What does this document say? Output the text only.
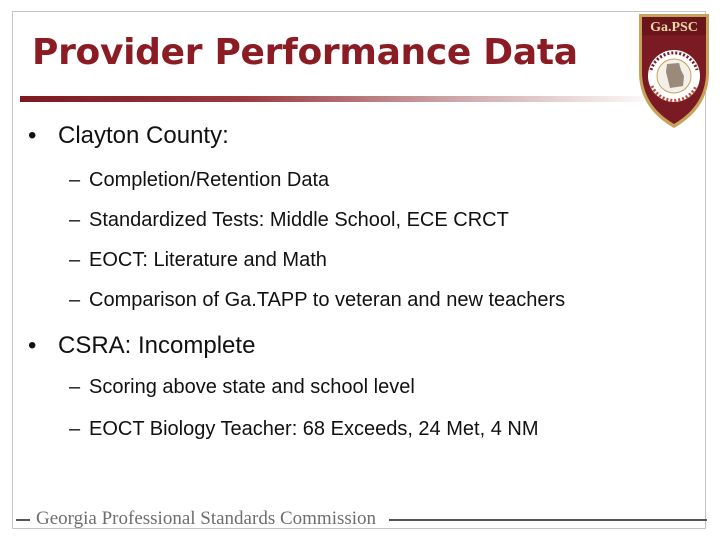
Provider Performance Data
Ga.PSC
• Clayton County:
– Completion/Retention Data
– Standardized Tests: Middle School, ECE CRCT
– EOCT: Literature and Math
– Comparison of Ga.TAPP to veteran and new teachers
• CSRA: Incomplete
– Scoring above state and school level
– EOCT Biology Teacher: 68 Exceeds, 24 Met, 4 NM
Georgia Professional Standards Commission
